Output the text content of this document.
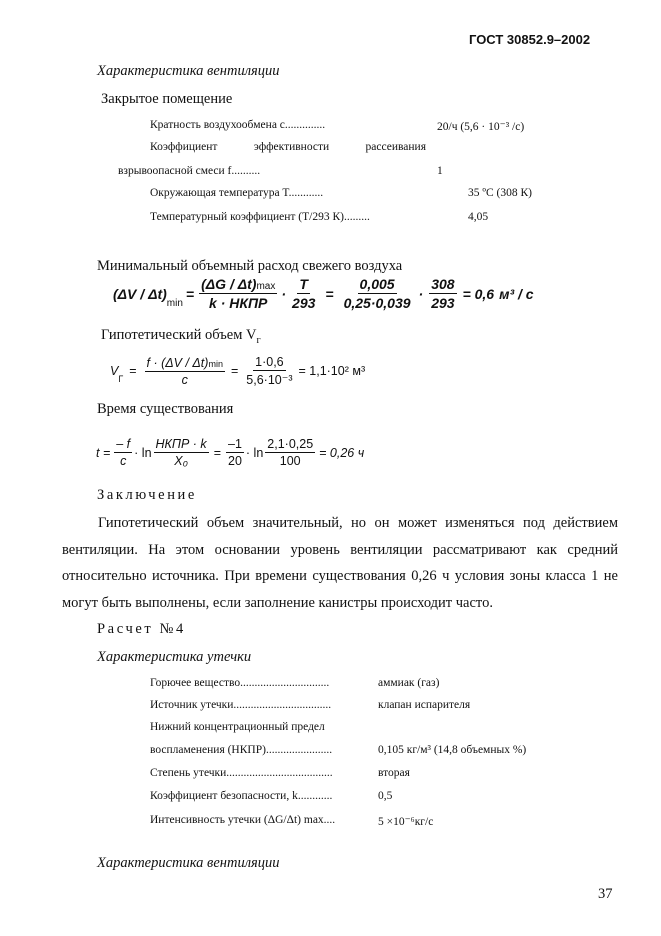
ГОСТ 30852.9–2002
Характеристика вентиляции
Закрытое помещение
Кратность воздухообмена c..............	20/ч (5,6 · 10⁻³ /c)
Коэффициент эффективности рассеивания
взрывоопасной смеси f..........	1
Окружающая температура T............	35 ºС (308 К)
Температурный коэффициент (T/293 К).........	4,05
Минимальный объемный расход свежего воздуха
(ΔV / Δt)
min
= $\frac{(\Delta G / \Delta t)\max}{\text{k · НКПР}} \cdot \frac{T}{293} = \frac{0,005}{0,25\cdot 0,039} \cdot \frac{308}{293} = 0,6$ м³ / с
Гипотетический объем $V_г$
V
Г
= $\frac{f \cdot (\Delta V / \Delta t)\min}{c} = \frac{1\cdot 0,6}{\text{5,6·10⁻³}} = 1,1\cdot 10^2$ м³
Время существования
$t = \frac{- f}{c} \cdot \ln \frac{\text{НКПР · k}}{\text{X₀}} = \frac{-1}{20} \cdot \ln \frac{2,1\cdot 0,25}{100} = 0,26$ ч
Заключение
Гипотетический объем значительный, но он может изменяться под действием вентиляции. На этом основании уровень вентиляции рассматривают как средний относительно источника. При времени существования 0,26 ч условия зоны класса 1 не могут быть выполнены, если заполнение канистры происходит часто.
Расчет №4
Характеристика утечки
Горючее вещество...............................	аммиак (газ)
Источник утечки..................................	клапан испарителя
Нижний концентрационный предел
воспламенения (НКПР).......................	0,105 кг/м³ (14,8 объемных %)
Степень утечки.....................................	вторая
Коэффициент безопасности, k............	0,5
Интенсивность утечки (ΔG/Δt) max....	5 ×10⁻⁶кг/с
Характеристика вентиляции
37
